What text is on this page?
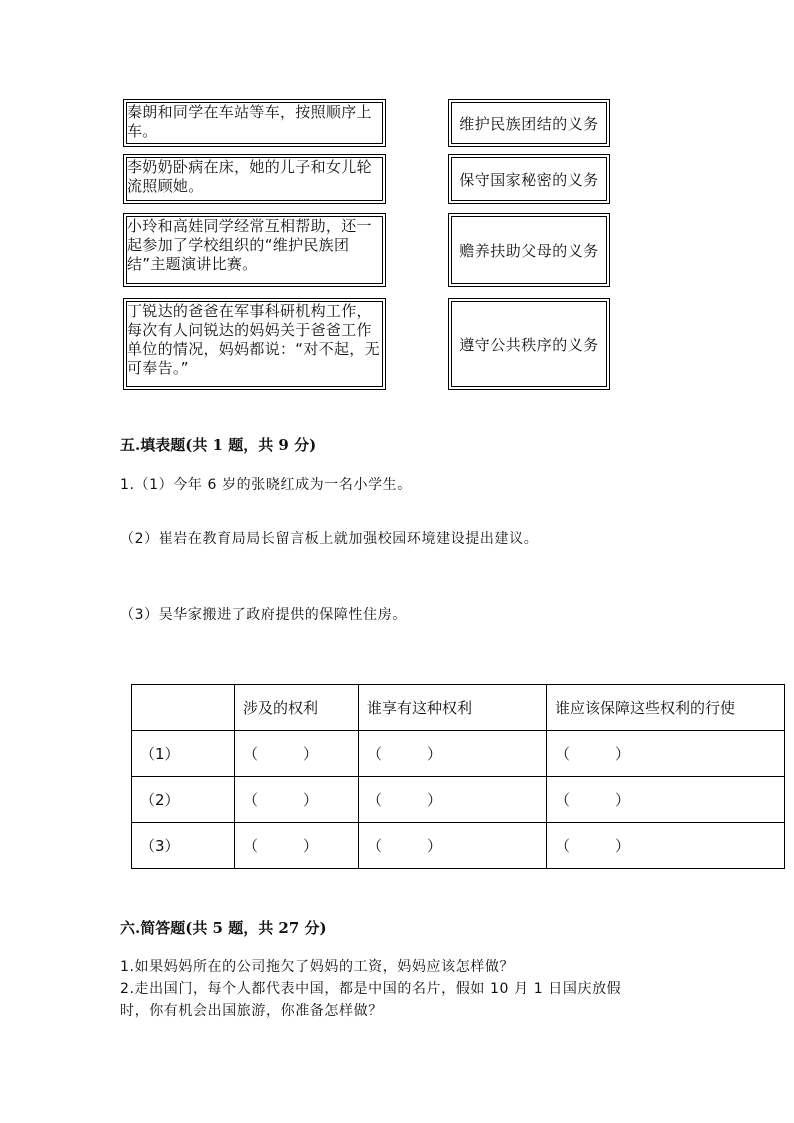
秦朗和同学在车站等车，按照顺序上车。
李奶奶卧病在床，她的儿子和女儿轮流照顾她。
小玲和高娃同学经常互相帮助，还一起参加了学校组织的“维护民族团结”主题演讲比赛。
丁锐达的爸爸在军事科研机构工作，每次有人问锐达的妈妈关于爸爸工作单位的情况，妈妈都说：“对不起，无可奉告。”
维护民族团结的义务
保守国家秘密的义务
赡养扶助父母的义务
遵守公共秩序的义务
五.填表题(共 1 题，共 9 分)
1.（1）今年 6 岁的张晓红成为一名小学生。
（2）崔岩在教育局局长留言板上就加强校园环境建设提出建议。
（3）吴华家搬进了政府提供的保障性住房。
	涉及的权利	谁享有这种权利	谁应该保障这些权利的行使
（1）	（　　　）	（　　　）	（　　　）
（2）	（　　　）	（　　　）	（　　　）
（3）	（　　　）	（　　　）	（　　　）
六.简答题(共 5 题，共 27 分)
1.如果妈妈所在的公司拖欠了妈妈的工资，妈妈应该怎样做？
2.走出国门，每个人都代表中国，都是中国的名片，假如 10 月 1 日国庆放假
时，你有机会出国旅游，你准备怎样做？
